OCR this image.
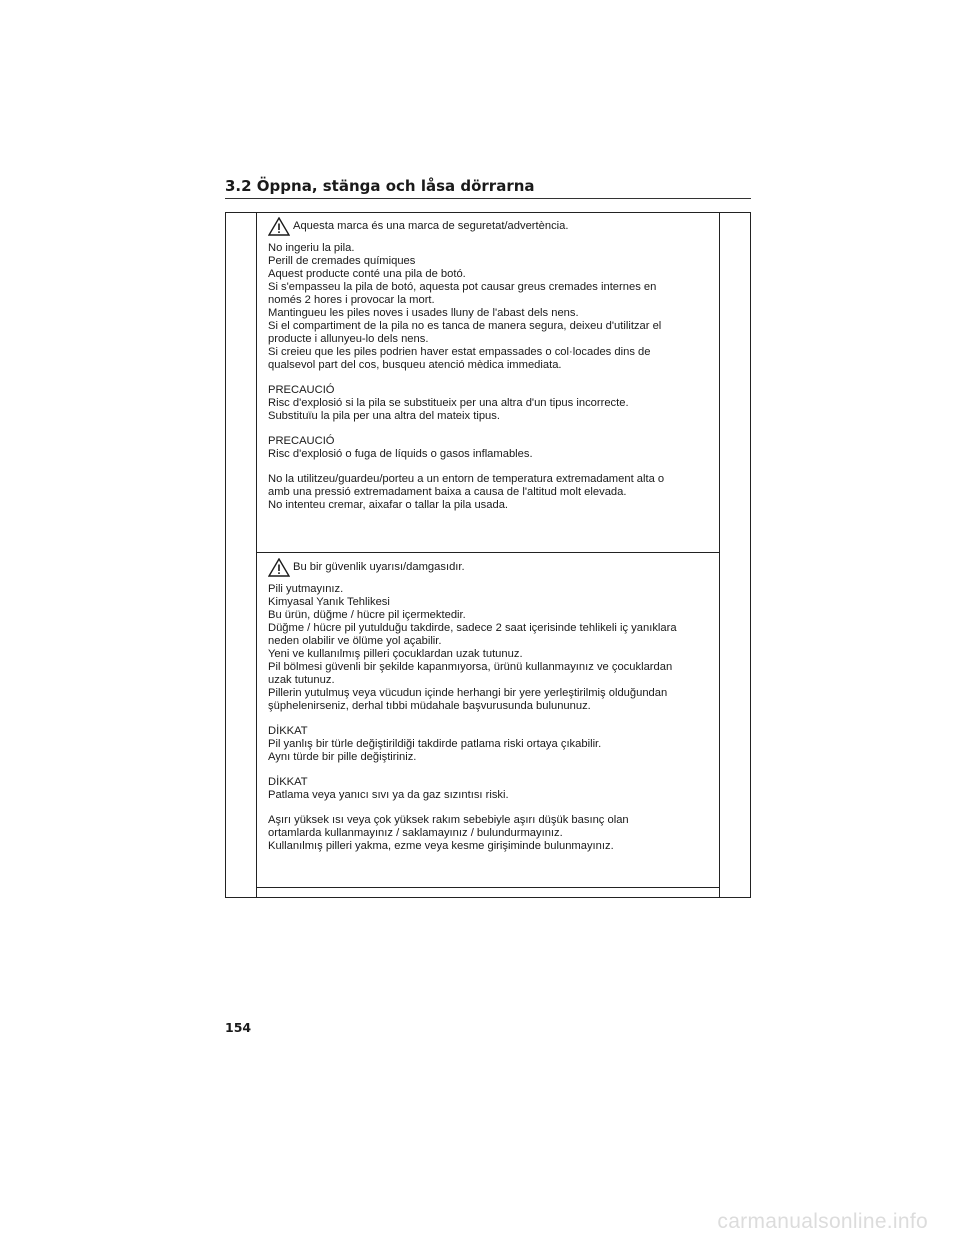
3.2 Öppna, stänga och låsa dörrarna
Aquesta marca és una marca de seguretat/advertència.
No ingeriu la pila.
Perill de cremades químiques
Aquest producte conté una pila de botó.
Si s'empasseu la pila de botó, aquesta pot causar greus cremades internes en
només 2 hores i provocar la mort.
Mantingueu les piles noves i usades lluny de l'abast dels nens.
Si el compartiment de la pila no es tanca de manera segura, deixeu d'utilitzar el
producte i allunyeu-lo dels nens.
Si creieu que les piles podrien haver estat empassades o col·locades dins de
qualsevol part del cos, busqueu atenció mèdica immediata.
PRECAUCIÓ
Risc d'explosió si la pila se substitueix per una altra d'un tipus incorrecte.
Substituïu la pila per una altra del mateix tipus.
PRECAUCIÓ
Risc d'explosió o fuga de líquids o gasos inflamables.
No la utilitzeu/guardeu/porteu a un entorn de temperatura extremadament alta o
amb una pressió extremadament baixa a causa de l'altitud molt elevada.
No intenteu cremar, aixafar o tallar la pila usada.
Bu bir güvenlik uyarısı/damgasıdır.
Pili yutmayınız.
Kimyasal Yanık Tehlikesi
Bu ürün, düğme / hücre pil içermektedir.
Düğme / hücre pil yutulduğu takdirde, sadece 2 saat içerisinde tehlikeli iç yanıklara
neden olabilir ve ölüme yol açabilir.
Yeni ve kullanılmış pilleri çocuklardan uzak tutunuz.
Pil bölmesi güvenli bir şekilde kapanmıyorsa, ürünü kullanmayınız ve çocuklardan
uzak tutunuz.
Pillerin yutulmuş veya vücudun içinde herhangi bir yere yerleştirilmiş olduğundan
şüphelenirseniz, derhal tıbbi müdahale başvurusunda bulununuz.
DİKKAT
Pil yanlış bir türle değiştirildiği takdirde patlama riski ortaya çıkabilir.
Aynı türde bir pille değiştiriniz.
DİKKAT
Patlama veya yanıcı sıvı ya da gaz sızıntısı riski.
Aşırı yüksek ısı veya çok yüksek rakım sebebiyle aşırı düşük basınç olan
ortamlarda kullanmayınız / saklamayınız / bulundurmayınız.
Kullanılmış pilleri yakma, ezme veya kesme girişiminde bulunmayınız.
154
carmanualsonline.info
